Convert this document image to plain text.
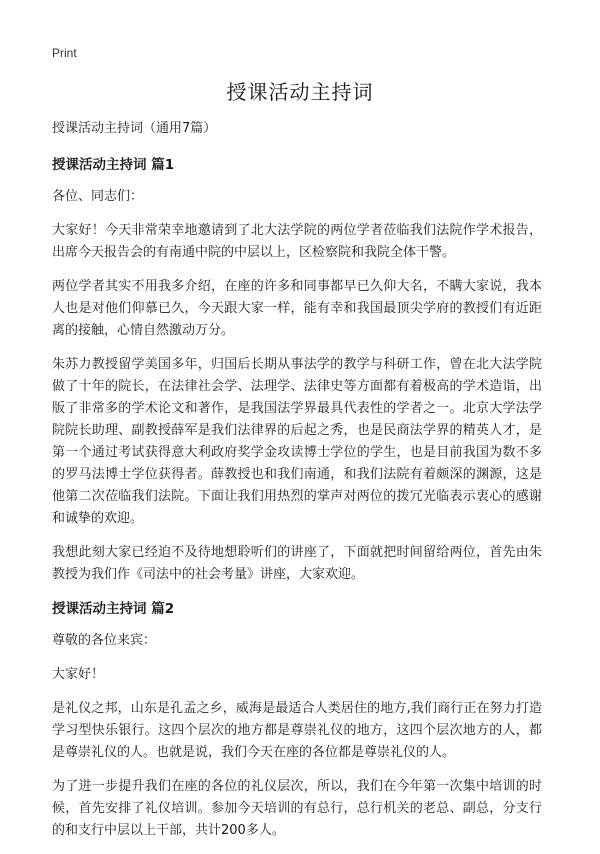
Print
授课活动主持词

授课活动主持词（通用7篇）

授课活动主持词 篇1

各位、同志们：

大家好！今天非常荣幸地邀请到了北大法学院的两位学者莅临我们法院作学术报告，出席今天报告会的有南通中院的中层以上，区检察院和我院全体干警。

两位学者其实不用我多介绍，在座的许多和同事都早已久仰大名，不瞒大家说，我本人也是对他们仰慕已久，今天跟大家一样，能有幸和我国最顶尖学府的教授们有近距离的接触，心情自然激动万分。

朱苏力教授留学美国多年，归国后长期从事法学的教学与科研工作，曾在北大法学院做了十年的院长，在法律社会学、法理学、法律史等方面都有着极高的学术造诣，出版了非常多的学术论文和著作，是我国法学界最具代表性的学者之一。北京大学法学院院长助理、副教授薛军是我们法律界的后起之秀，也是民商法学界的精英人才，是第一个通过考试获得意大利政府奖学金攻读博士学位的学生，也是目前我国为数不多的罗马法博士学位获得者。薛教授也和我们南通，和我们法院有着颇深的渊源，这是他第二次莅临我们法院。下面让我们用热烈的掌声对两位的拨冗光临表示衷心的感谢和诚挚的欢迎。

我想此刻大家已经迫不及待地想聆听们的讲座了，下面就把时间留给两位，首先由朱教授为我们作《司法中的社会考量》讲座，大家欢迎。

授课活动主持词 篇2

尊敬的各位来宾：

大家好！

是礼仪之邦，山东是孔孟之乡，威海是最适合人类居住的地方,我们商行正在努力打造学习型快乐银行。这四个层次的地方都是尊崇礼仪的地方，这四个层次地方的人，都是尊崇礼仪的人。也就是说，我们今天在座的各位都是尊崇礼仪的人。

为了进一步提升我们在座的各位的礼仪层次，所以，我们在今年第一次集中培训的时候，首先安排了礼仪培训。参加今天培训的有总行，总行机关的老总、副总，分支行的和支行中层以上干部，共计200多人。
